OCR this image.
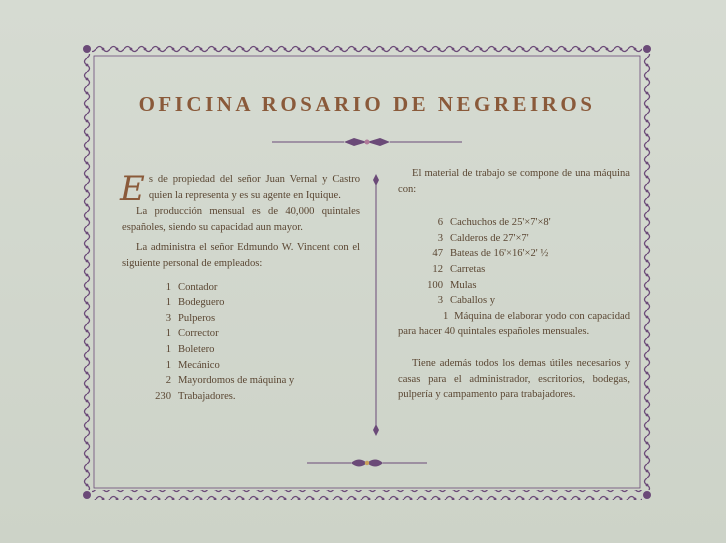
OFICINA ROSARIO DE NEGREIROS

Es de propiedad del señor Juan Vernal y Castro quien la representa y es su agente en Iquique.

La producción mensual es de 40,000 quintales españoles, siendo su capacidad aun mayor.

La administra el señor Edmundo W. Vincent con el siguiente personal de empleados:

1 Contador
1 Bodeguero
3 Pulperos
1 Corrector
1 Boletero
1 Mecánico
2 Mayordomos de máquina y
230 Trabajadores.

El material de trabajo se compone de una máquina con:

6 Cachuchos de 25'×7'×8'
3 Calderos de 27'×7'
47 Bateas de 16'×16'×2' ½
12 Carretas
100 Mulas
3 Caballos y

1 Máquina de elaborar yodo con capacidad para hacer 40 quintales españoles mensuales.

Tiene además todos los demas útiles necesarios y casas para el administrador, escritorios, bodegas, pulpería y campamento para trabajadores.
